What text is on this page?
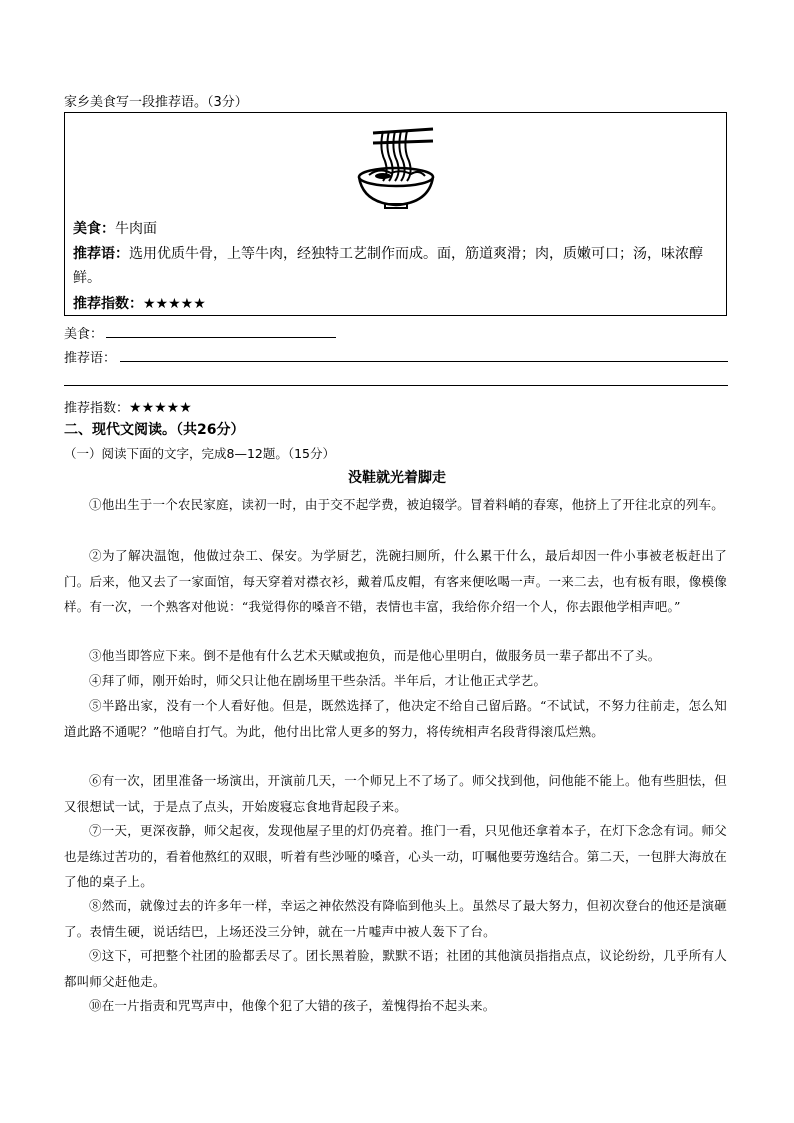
家乡美食写一段推荐语。（3分）
美食：牛肉面
推荐语：选用优质牛骨，上等牛肉，经独特工艺制作而成。面，筋道爽滑；肉，质嫩可口；汤，味浓醇
鲜。
推荐指数：★★★★★
美食：
推荐语：
推荐指数：★★★★★
二、现代文阅读。（共26分）
（一）阅读下面的文字，完成8—12题。（15分）
没鞋就光着脚走
①他出生于一个农民家庭，读初一时，由于交不起学费，被迫辍学。冒着料峭的春寒，他挤上了开往北京的列车。
②为了解决温饱，他做过杂工、保安。为学厨艺，洗碗扫厕所，什么累干什么，最后却因一件小事被老板赶出了门。后来，他又去了一家面馆，每天穿着对襟衣衫，戴着瓜皮帽，有客来便吆喝一声。一来二去，也有板有眼，像模像样。有一次，一个熟客对他说：“我觉得你的嗓音不错，表情也丰富，我给你介绍一个人，你去跟他学相声吧。”
③他当即答应下来。倒不是他有什么艺术天赋或抱负，而是他心里明白，做服务员一辈子都出不了头。
④拜了师，刚开始时，师父只让他在剧场里干些杂活。半年后，才让他正式学艺。
⑤半路出家，没有一个人看好他。但是，既然选择了，他决定不给自己留后路。“不试试，不努力往前走，怎么知道此路不通呢？”他暗自打气。为此，他付出比常人更多的努力，将传统相声名段背得滚瓜烂熟。
⑥有一次，团里准备一场演出，开演前几天，一个师兄上不了场了。师父找到他，问他能不能上。他有些胆怯，但又很想试一试，于是点了点头，开始废寝忘食地背起段子来。
⑦一天，更深夜静，师父起夜，发现他屋子里的灯仍亮着。推门一看，只见他还拿着本子，在灯下念念有词。师父也是练过苦功的，看着他熬红的双眼，听着有些沙哑的嗓音，心头一动，叮嘱他要劳逸结合。第二天，一包胖大海放在了他的桌子上。
⑧然而，就像过去的许多年一样，幸运之神依然没有降临到他头上。虽然尽了最大努力，但初次登台的他还是演砸了。表情生硬，说话结巴，上场还没三分钟，就在一片嘘声中被人轰下了台。
⑨这下，可把整个社团的脸都丢尽了。团长黑着脸，默默不语；社团的其他演员指指点点，议论纷纷，几乎所有人都叫师父赶他走。
⑩在一片指责和咒骂声中，他像个犯了大错的孩子，羞愧得抬不起头来。
